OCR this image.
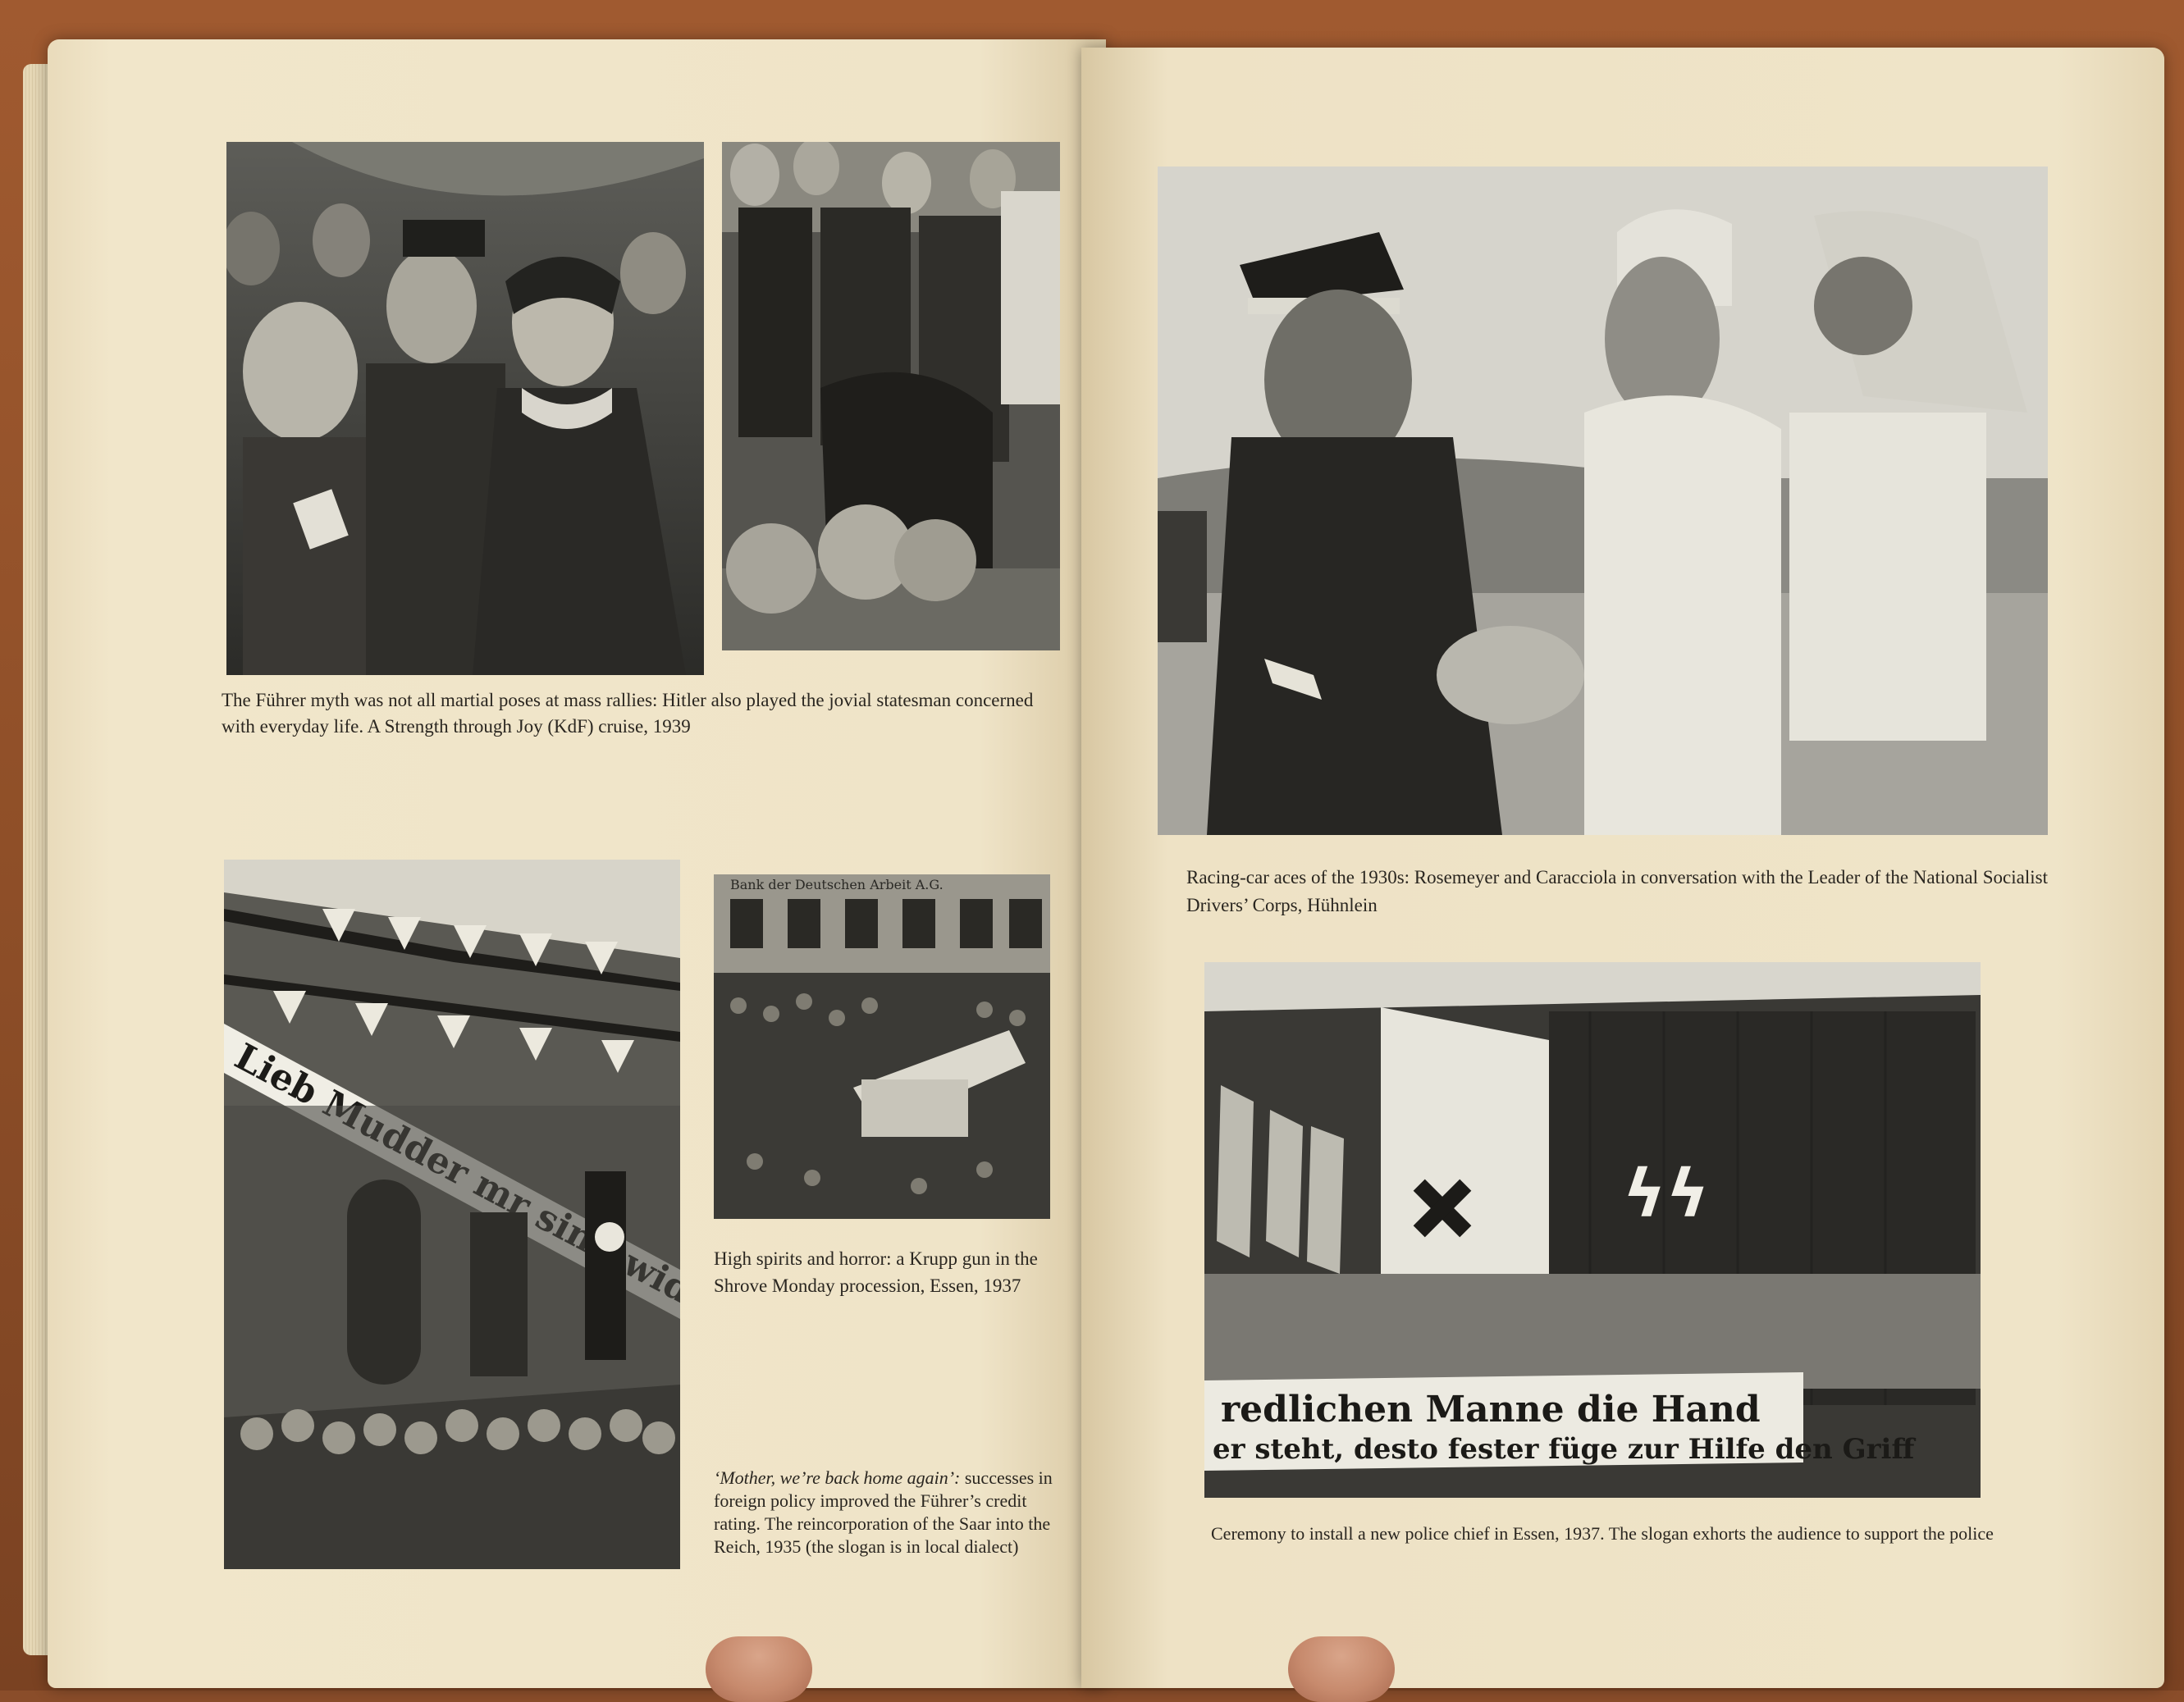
The Führer myth was not all martial poses at mass rallies: Hitler also played the jovial statesman concerned with everyday life. A Strength through Joy (KdF) cruise, 1939
Bank der Deutschen Arbeit A.G.
High spirits and horror: a Krupp gun in the Shrove Monday procession, Essen, 1937
‘Mother, we’re back home again’: successes in foreign policy improved the Führer’s credit rating. The reincorporation of the Saar into the Reich, 1935 (the slogan is in local dialect)
Racing-car aces of the 1930s: Rosemeyer and Caracciola in conversation with the Leader of the National Socialist Drivers’ Corps, Hühnlein
ϟϟ
redlichen Manne die Hand
er steht, desto fester füge zur Hilfe den Griff
Ceremony to install a new police chief in Essen, 1937. The slogan exhorts the audience to support the police
